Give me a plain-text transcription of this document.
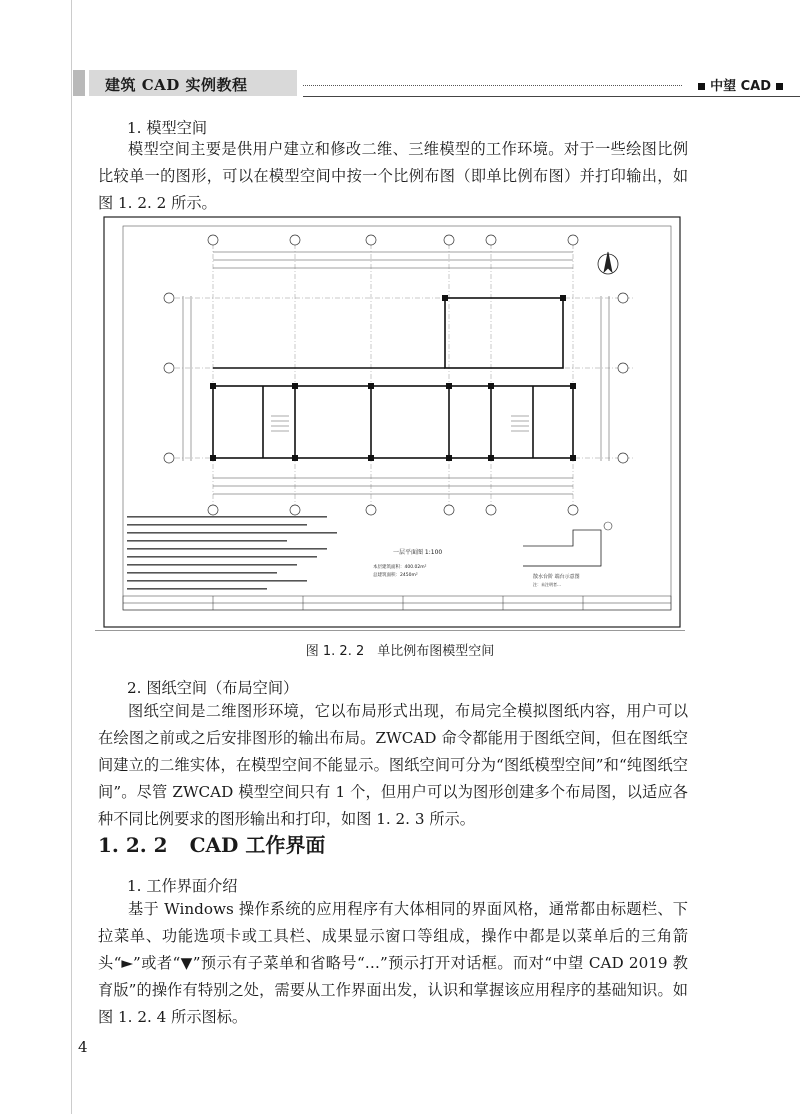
建筑 CAD 实例教程	中望 CAD
1. 模型空间
模型空间主要是供用户建立和修改二维、三维模型的工作环境。对于一些绘图比例比较单一的图形，可以在模型空间中按一个比例布图（即单比例布图）并打印输出，如图 1. 2. 2 所示。
一层平面图 1:100
本层建筑面积：400.02m²
总建筑面积：2450m²	散水台阶 端台示意图
注：未注明者…
图 1. 2. 2　单比例布图模型空间
2. 图纸空间（布局空间）
图纸空间是二维图形环境，它以布局形式出现，布局完全模拟图纸内容，用户可以在绘图之前或之后安排图形的输出布局。ZWCAD 命令都能用于图纸空间，但在图纸空间建立的二维实体，在模型空间不能显示。图纸空间可分为“图纸模型空间”和“纯图纸空间”。尽管 ZWCAD 模型空间只有 1 个，但用户可以为图形创建多个布局图，以适应各种不同比例要求的图形输出和打印，如图 1. 2. 3 所示。
1. 2. 2 CAD 工作界面
1. 工作界面介绍
基于 Windows 操作系统的应用程序有大体相同的界面风格，通常都由标题栏、下拉菜单、功能选项卡或工具栏、成果显示窗口等组成，操作中都是以菜单后的三角箭头“►”或者“▼”预示有子菜单和省略号“…”预示打开对话框。而对“中望 CAD 2019 教育版”的操作有特别之处，需要从工作界面出发，认识和掌握该应用程序的基础知识。如图 1. 2. 4 所示图标。
4
